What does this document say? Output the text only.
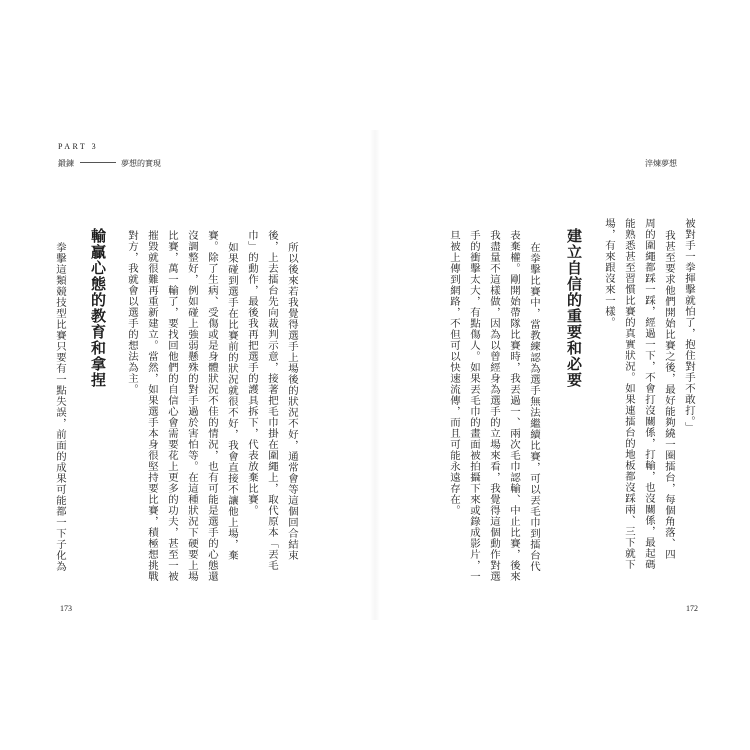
PART 3
鍛鍊	夢想的實現	淬煉夢想
被對手一拳揮擊就怕了，抱住對手不敢打。」
我甚至要求他們開始比賽之後，最好能夠繞一圈擂台，每個角落、四
周的圍繩都踩一踩，經過一下，不會打沒關係，打輸，也沒關係，最起碼
能熟悉甚至習慣比賽的真實狀況。如果連擂台的地板都沒踩兩、三下就下
場，有來跟沒來一樣。
建立自信的重要和必要
在拳擊比賽中，當教練認為選手無法繼續比賽，可以丟毛巾到擂台代
表棄權。剛開始帶隊比賽時，我丟過一、兩次毛巾認輸、中止比賽，後來
我盡量不這樣做，因為以曾經身為選手的立場來看，我覺得這個動作對選
手的衝擊太大，有點傷人。如果丟毛巾的畫面被拍攝下來或錄成影片，一
旦被上傳到網路，不但可以快速流傳，而且可能永遠存在。
所以後來若我覺得選手上場後的狀況不好，通常會等這個回合結束
後，上去擂台先向裁判示意，接著把毛巾掛在圍繩上，取代原本「丟毛
巾」的動作，最後我再把選手的護具拆下，代表放棄比賽。
如果碰到選手在比賽前的狀況就很不好，我會直接不讓他上場，棄
賽。除了生病、受傷或是身體狀況不佳的情況，也有可能是選手的心態還
沒調整好，例如碰上強弱懸殊的對手過於害怕等。在這種狀況下硬要上場
比賽，萬一輸了，要找回他們的自信心會需要花上更多的功夫，甚至一被
摧毀就很難再重新建立。當然，如果選手本身很堅持要比賽，積極想挑戰
對方，我就會以選手的想法為主。
輸贏心態的教育和拿捏
拳擊這類競技型比賽只要有一點失誤，前面的成果可能都一下子化為
173	172
